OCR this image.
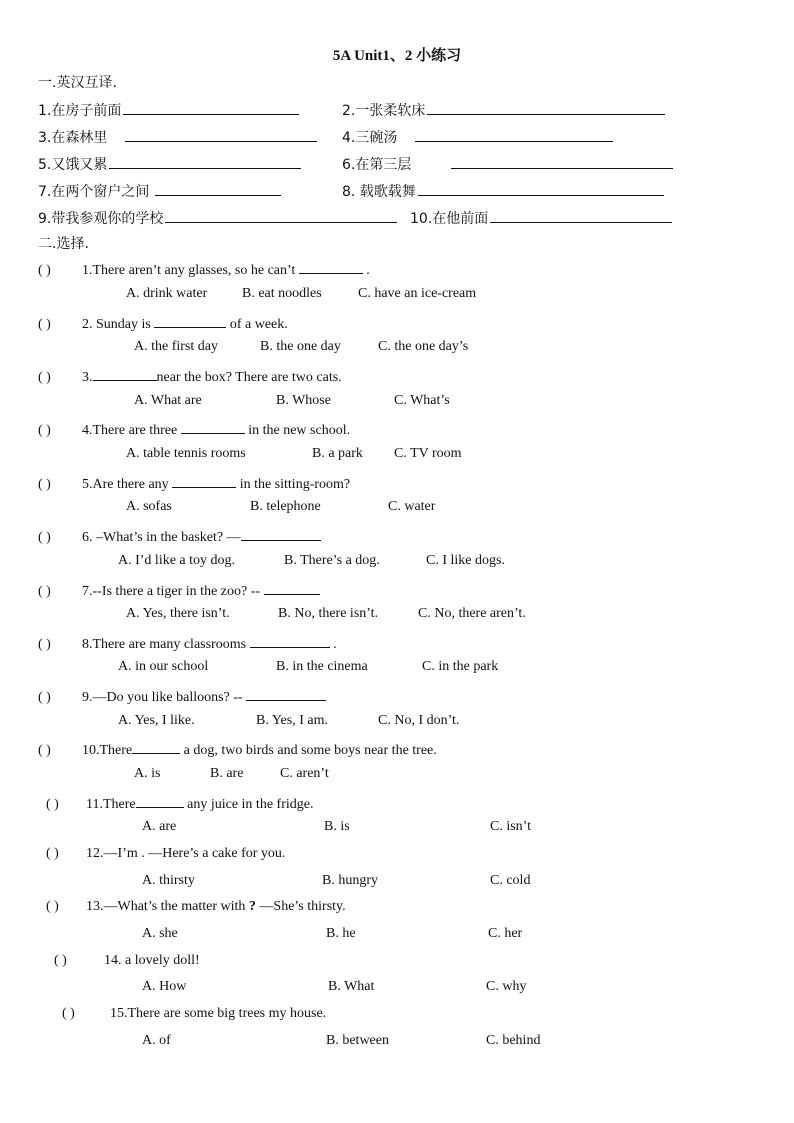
5A Unit1、2 小练习
一.英汉互译.
1.在房子前面	2.一张柔软床
3.在森林里	4.三碗汤
5.又饿又累	6.在第三层
7.在两个窗户之间	8. 载歌载舞
9.带我参观你的学校	10.在他前面
二.选择.
( ) 1.There aren’t any glasses, so he can’t	.
A. drink water B. eat noodles	C. have an ice-cream
( ) 2. Sunday is	of a week.
A. the first day	B. the one day	C. the one day’s
( ) 3.	near the box? There are two cats.
A. What are	B. Whose	C. What’s
( ) 4.There are three	in the new school.
A. table tennis rooms	B. a park C. TV room
( ) 5.Are there any	in the sitting-room?
A. sofas	B. telephone	C. water
( ) 6. –What’s in the basket? —
A. I’d like a toy dog.	B. There’s a dog.	C. I like dogs.
( ) 7.--Is there a tiger in the zoo? --
A. Yes, there isn’t.	B. No, there isn’t.	C. No, there aren’t.
( ) 8.There are many classrooms	.
A. in our school	B. in the cinema	C. in the park
( ) 9.—Do you like balloons? --
A. Yes, I like.	B. Yes, I am.	C. No, I don’t.
( ) 10.There	a dog, two birds and some boys near the tree.
A. is	B. are	C. aren’t
( ) 11.There	any juice in the fridge.
A. are	B. is	C. isn’t
( ) 12.—I’m . —Here’s a cake for you.
A. thirsty	B. hungry	C. cold
( ) 13.—What’s the matter with ? —She’s thirsty.
A. she	B. he	C. her
( )	14. a lovely doll!
A. How	B. What	C. why
( )	15.There are some big trees my house.
A. of	B. between	C. behind
